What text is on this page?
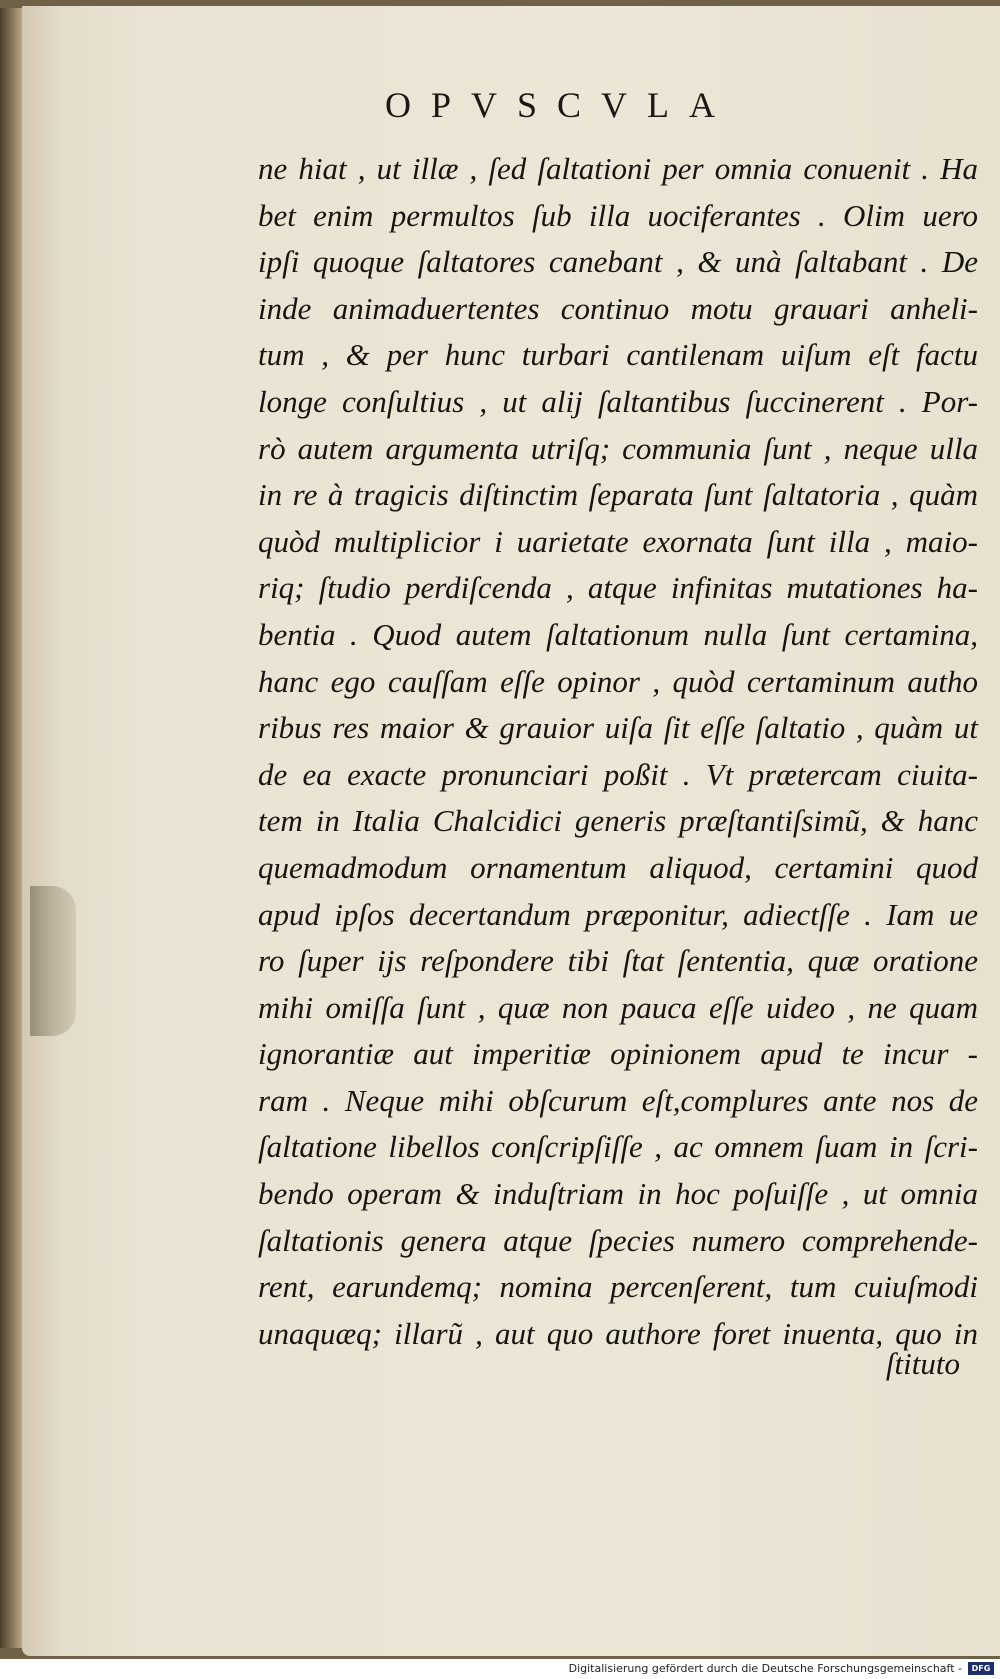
OPVSCVLA
ne hiat , ut illæ , ſed ſaltationi per omnia conuenit . Ha
bet enim permultos ſub illa uociferantes . Olim uero
ipſi quoque ſaltatores canebant , & unà ſaltabant . De
inde animaduertentes continuo motu grauari anheli-
tum , & per hunc turbari cantilenam uiſum eſt factu
longe conſultius , ut alij ſaltantibus ſuccinerent . Por-
rò autem argumenta utriſq; communia ſunt , neque ulla
in re à tragicis diſtinctim ſeparata ſunt ſaltatoria , quàm
quòd multiplicior i uarietate exornata ſunt illa , maio-
riq; ſtudio perdiſcenda , atque infinitas mutationes ha-
bentia . Quod autem ſaltationum nulla ſunt certamina,
hanc ego cauſſam eſſe opinor , quòd certaminum autho
ribus res maior & grauior uiſa ſit eſſe ſaltatio , quàm ut
de ea exacte pronunciari poßit . Vt prætercam ciuita-
tem in Italia Chalcidici generis præſtantiſsimũ, & hanc
quemadmodum ornamentum aliquod, certamini quod
apud ipſos decertandum præponitur, adiectſſe . Iam ue
ro ſuper ijs reſpondere tibi ſtat ſententia, quæ oratione
mihi omiſſa ſunt , quæ non pauca eſſe uideo , ne quam
ignorantiæ aut imperitiæ opinionem apud te incur -
ram . Neque mihi obſcurum eſt,complures ante nos de
ſaltatione libellos conſcripſiſſe , ac omnem ſuam in ſcri-
bendo operam & induſtriam in hoc poſuiſſe , ut omnia
ſaltationis genera atque ſpecies numero comprehende-
rent, earundemq; nomina percenſerent, tum cuiuſmodi
unaquæq; illarũ , aut quo authore foret inuenta, quo in
ſtituto
Digitalisierung gefördert durch die Deutsche Forschungsgemeinschaft - DFG
